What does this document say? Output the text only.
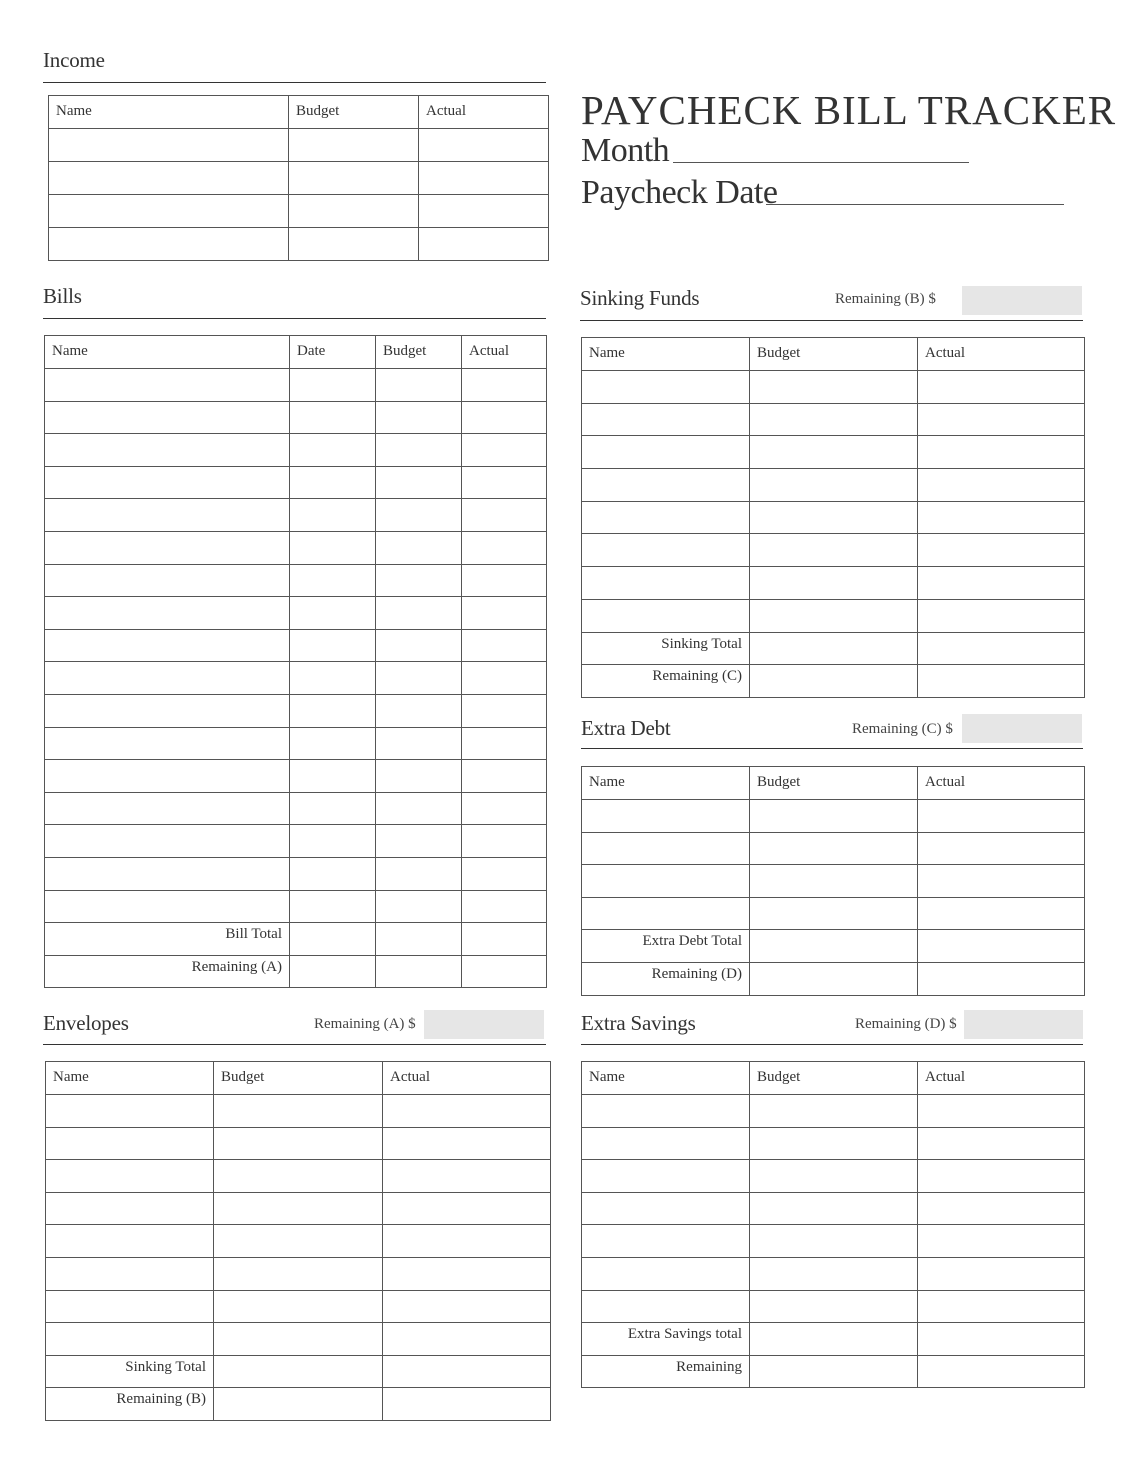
Income
Name	Budget	Actual

			PAYCHECK BILL TRACKER
Month
Paycheck Date
Bills
Name	Date	Budget	Actual

Bill Total			
Remaining (A)			
Sinking Funds	Remaining (B) $
Name	Budget	Actual

Sinking Total		
Remaining (C)		
Extra Debt	Remaining (C) $
Name	Budget	Actual

Extra Debt Total		
Remaining (D)		
Envelopes	Remaining (A) $
Name	Budget	Actual

Sinking Total		
Remaining (B)		
Extra Savings	Remaining (D) $
Name	Budget	Actual

Extra Savings total		
Remaining		
